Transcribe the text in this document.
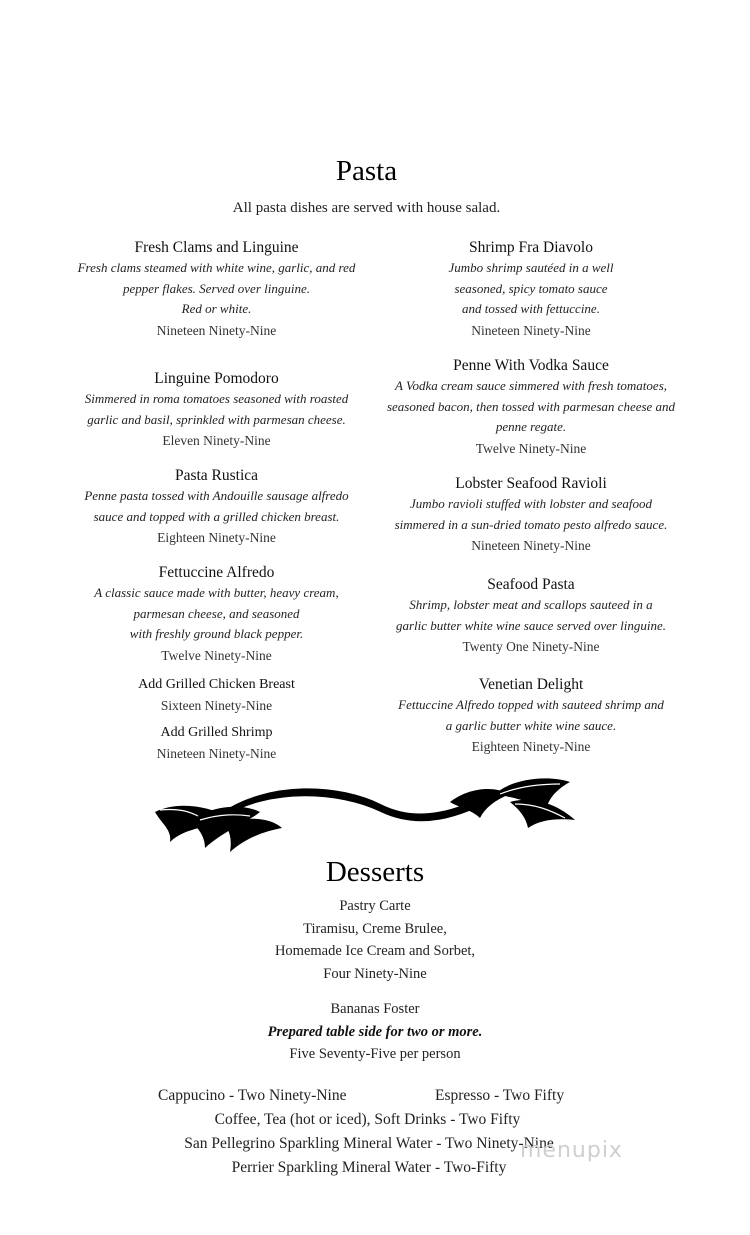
Pasta
All pasta dishes are served with house salad.
Fresh Clams and Linguine
Fresh clams steamed with white wine, garlic, and red
pepper flakes. Served over linguine.
Red or white.
Nineteen Ninety-Nine
Linguine Pomodoro
Simmered in roma tomatoes seasoned with roasted
garlic and basil, sprinkled with parmesan cheese.
Eleven Ninety-Nine
Pasta Rustica
Penne pasta tossed with Andouille sausage alfredo
sauce and topped with a grilled chicken breast.
Eighteen Ninety-Nine
Fettuccine Alfredo
A classic sauce made with butter, heavy cream,
parmesan cheese, and seasoned
with freshly ground black pepper.
Twelve Ninety-Nine
Add Grilled Chicken Breast
Sixteen Ninety-Nine
Add Grilled Shrimp
Nineteen Ninety-Nine
Shrimp Fra Diavolo
Jumbo shrimp sautéed in a well
seasoned, spicy tomato sauce
and tossed with fettuccine.
Nineteen Ninety-Nine
Penne With Vodka Sauce
A Vodka cream sauce simmered with fresh tomatoes,
seasoned bacon, then tossed with parmesan cheese and
penne regate.
Twelve Ninety-Nine
Lobster Seafood Ravioli
Jumbo ravioli stuffed with lobster and seafood
simmered in a sun-dried tomato pesto alfredo sauce.
Nineteen Ninety-Nine
Seafood Pasta
Shrimp, lobster meat and scallops sauteed in a
garlic butter white wine sauce served over linguine.
Twenty One Ninety-Nine
Venetian Delight
Fettuccine Alfredo topped with sauteed shrimp and
a garlic butter white wine sauce.
Eighteen Ninety-Nine
Desserts
Pastry Carte
Tiramisu, Creme Brulee,
Homemade Ice Cream and Sorbet,
Four Ninety-Nine
Bananas Foster
Prepared table side for two or more.
Five Seventy-Five per person
Cappucino - Two Ninety-Nine	Espresso - Two Fifty
Coffee, Tea (hot or iced), Soft Drinks - Two Fifty
San Pellegrino Sparkling Mineral Water - Two Ninety-Nine
Perrier Sparkling Mineral Water - Two-Fifty
menupix
